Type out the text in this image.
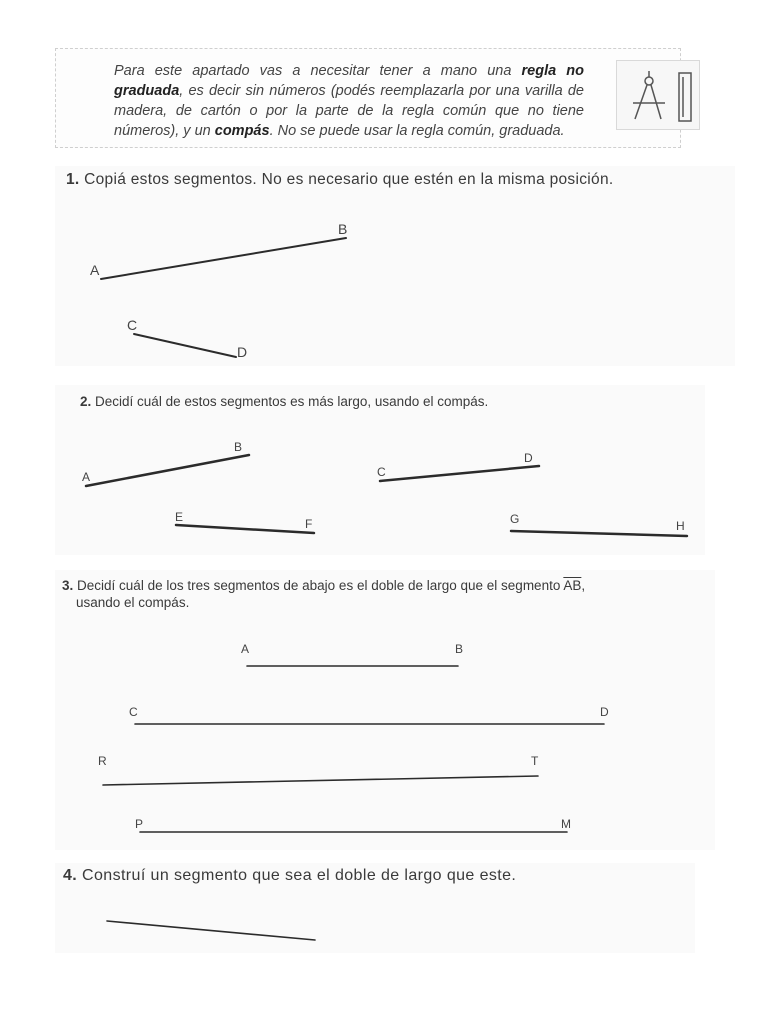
Para este apartado vas a necesitar tener a mano una regla no graduada, es decir sin números (podés reemplazarla por una varilla de madera, de cartón o por la parte de la regla común que no tiene números), y un compás. No se puede usar la regla común, graduada.
1. Copiá estos segmentos. No es necesario que estén en la misma posición.
2. Decidí cuál de estos segmentos es más largo, usando el compás.
3. Decidí cuál de los tres segmentos de abajo es el doble de largo que el segmento $\overline{AB}$,
usando el compás.
4. Construí un segmento que sea el doble de largo que este.
A
B
C
D
A
B
C
D
E	F	G	H
A	B
C	D
R	T
P	M
